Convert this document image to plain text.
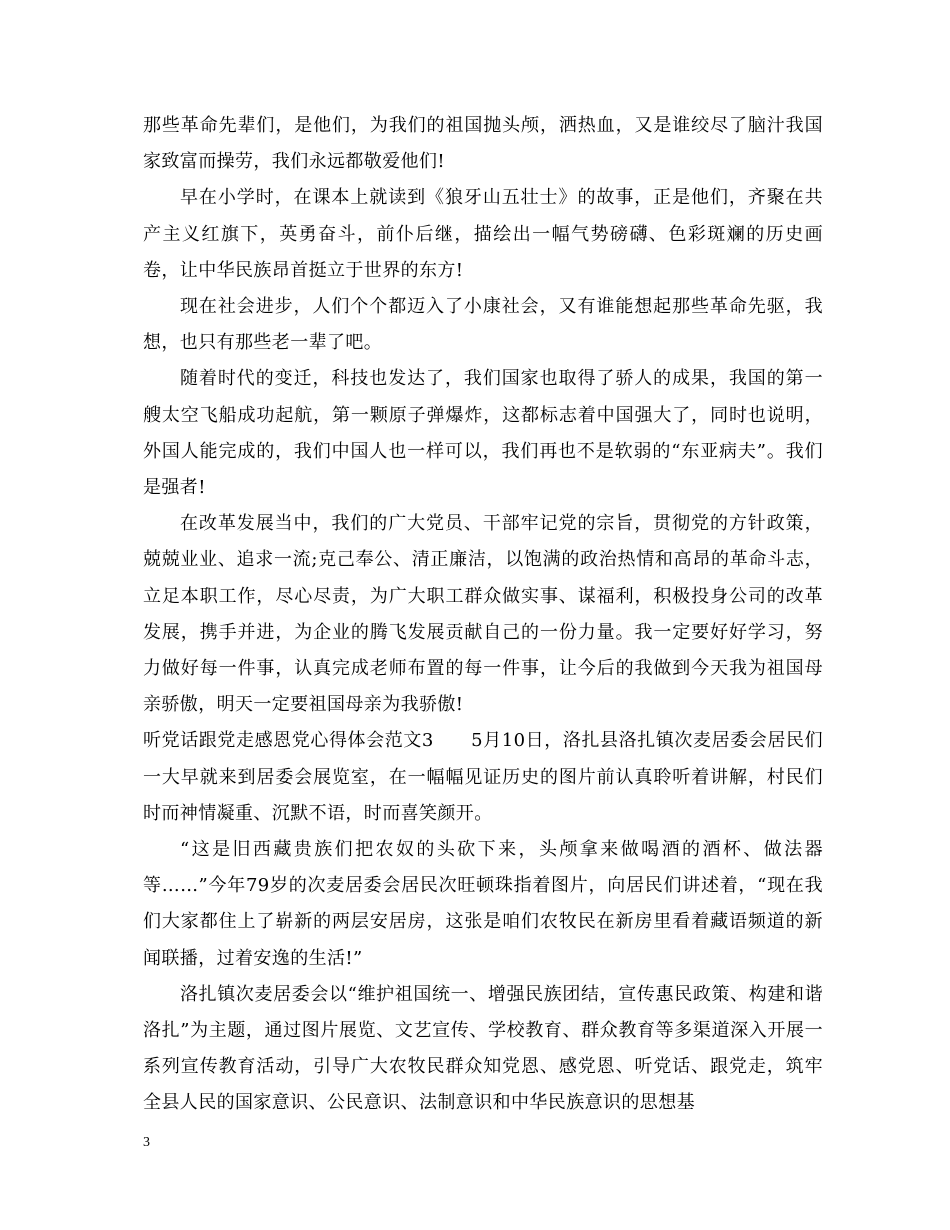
那些革命先辈们，是他们，为我们的祖国抛头颅，洒热血，又是谁绞尽了脑汁我国家致富而操劳，我们永远都敬爱他们!

早在小学时，在课本上就读到《狼牙山五壮士》的故事，正是他们，齐聚在共产主义红旗下，英勇奋斗，前仆后继，描绘出一幅气势磅礴、色彩斑斓的历史画卷，让中华民族昂首挺立于世界的东方!

现在社会进步，人们个个都迈入了小康社会，又有谁能想起那些革命先驱，我想，也只有那些老一辈了吧。

随着时代的变迁，科技也发达了，我们国家也取得了骄人的成果，我国的第一艘太空飞船成功起航，第一颗原子弹爆炸，这都标志着中国强大了，同时也说明，外国人能完成的，我们中国人也一样可以，我们再也不是软弱的“东亚病夫”。我们是强者!

在改革发展当中，我们的广大党员、干部牢记党的宗旨，贯彻党的方针政策，兢兢业业、追求一流;克己奉公、清正廉洁，以饱满的政治热情和高昂的革命斗志，立足本职工作，尽心尽责，为广大职工群众做实事、谋福利，积极投身公司的改革发展，携手并进，为企业的腾飞发展贡献自己的一份力量。我一定要好好学习，努力做好每一件事，认真完成老师布置的每一件事，让今后的我做到今天我为祖国母亲骄傲，明天一定要祖国母亲为我骄傲!

听党话跟党走感恩党心得体会范文3　　5月10日，洛扎县洛扎镇次麦居委会居民们一大早就来到居委会展览室，在一幅幅见证历史的图片前认真聆听着讲解，村民们时而神情凝重、沉默不语，时而喜笑颜开。

“这是旧西藏贵族们把农奴的头砍下来，头颅拿来做喝酒的酒杯、做法器等……”今年79岁的次麦居委会居民次旺顿珠指着图片，向居民们讲述着，“现在我们大家都住上了崭新的两层安居房，这张是咱们农牧民在新房里看着藏语频道的新闻联播，过着安逸的生活!”

洛扎镇次麦居委会以“维护祖国统一、增强民族团结，宣传惠民政策、构建和谐洛扎”为主题，通过图片展览、文艺宣传、学校教育、群众教育等多渠道深入开展一系列宣传教育活动，引导广大农牧民群众知党恩、感党恩、听党话、跟党走，筑牢全县人民的国家意识、公民意识、法制意识和中华民族意识的思想基

3
